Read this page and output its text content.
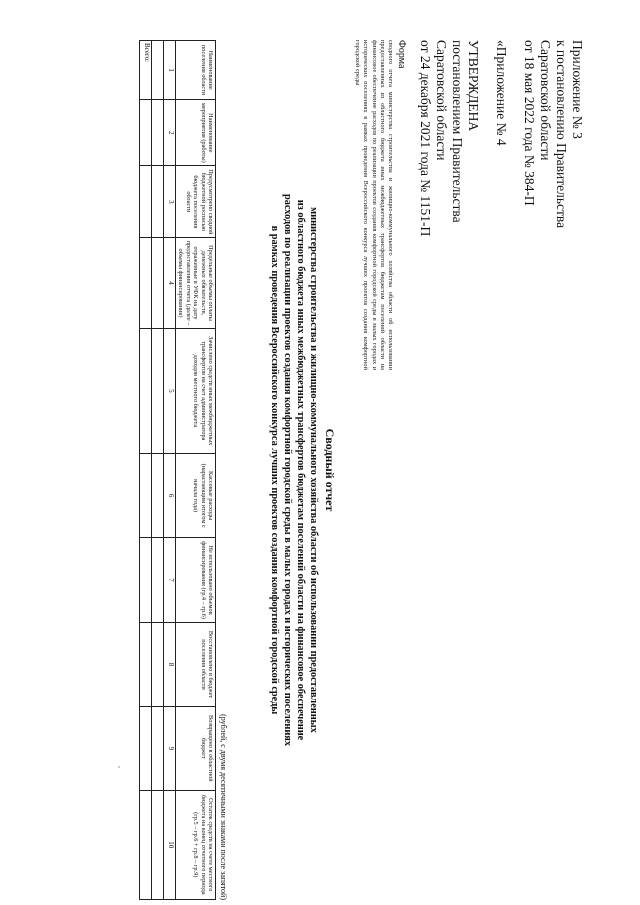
Приложение № 3
к постановлению Правительства
Саратовской области
от 18 мая 2022 года № 384-П
«Приложение № 4
УТВЕРЖДЕНА
постановлением Правительства
Саратовской области
от 24 декабря 2021 года № 1151-П
Форма
сводного отчета министерства строительства и жилищно-коммунального хозяйства области об использовании предоставленных из областного бюджета иных межбюджетных трансфертов бюджетам поселений области на финансовое обеспечение расходов по реализации проектов создания комфортной городской среды в малых городах и исторических поселениях в рамках проведения Всероссийского конкурса лучших проектов создания комфортной городской среды
Сводный отчет
министерства строительства и жилищно-коммунального хозяйства области об использовании предоставленных
из областного бюджета иных межбюджетных трансфертов бюджетам поселений области на финансовое обеспечение
расходов по реализации проектов создания комфортной городской среды в малых городах и исторических поселениях
в рамках проведения Всероссийского конкурса лучших проектов создания комфортной городской среды
(рублей, с двумя десятичными знаками после запятой)
Наименование поселения области	Наименование мероприятия (работы)	Предусмотрено сводной бюджетной росписью бюджета поселения области	Предельные объемы оплаты денежных обязательств, отраженные в УФК на дату предоставления отчета (далее – объемы финансирования)	Зачислено средств иных межбюджетных трансфертов на счет администратора доходов местного бюджета	Кассовые расходы (нарастающим итогом с начала года)	Не использовано объемов финансирования (гр.4 – гр.6)	Восстановлено в бюджет поселения области	Возвращено в областной бюджет	Остаток средств на счете местного бюджета на конец отчетного периода (гр.5 – гр.6 + гр.8 – гр.9)
1	2	3	4	5	6	7	8	9	10

Всего:									
